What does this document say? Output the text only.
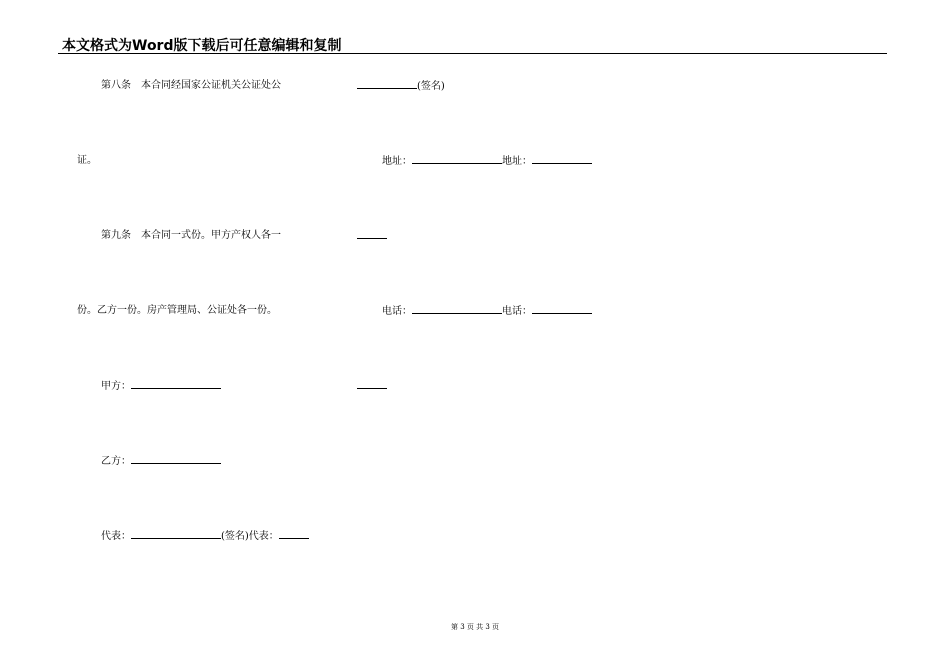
本文格式为Word版下载后可任意编辑和复制
第八条　本合同经国家公证机关公证处公
证。
第九条　本合同一式份。甲方产权人各一
份。乙方一份。房产管理局、公证处各一份。
甲方：
乙方：
代表：	(签名)代表：
(签名)
地址：	地址：
电话：	电话：
第 3 页 共 3 页
